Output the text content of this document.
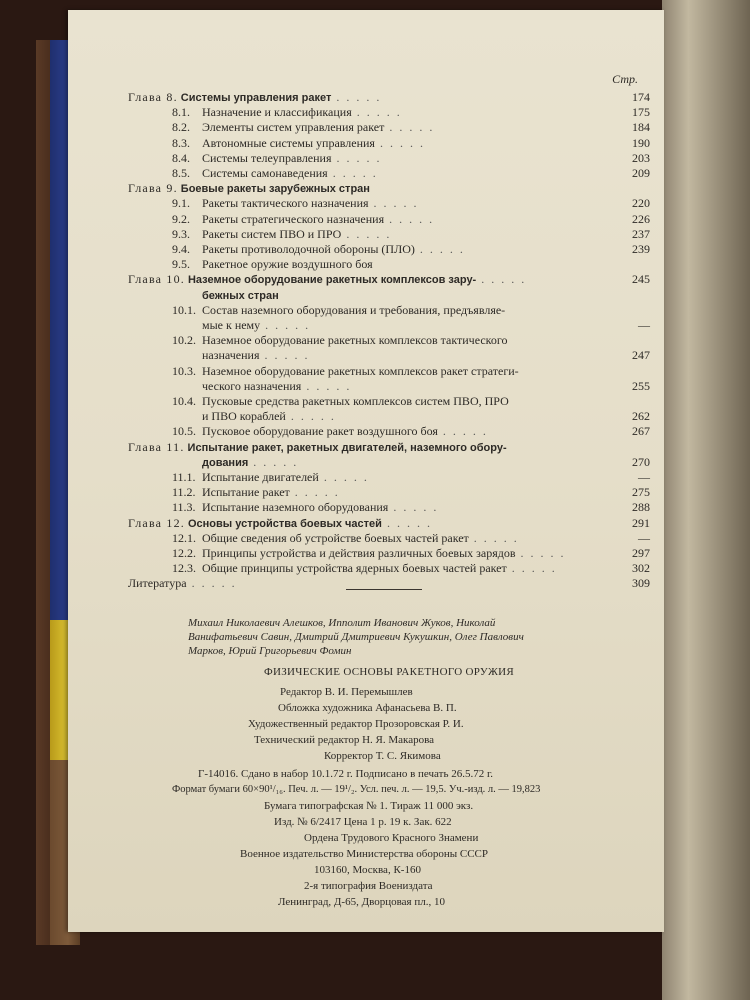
Стр.
Глава 8. Системы управления ракет . . . . .	174
8.1. Назначение и классификация . . . . .	175
8.2. Элементы систем управления ракет . . . . .	184
8.3. Автономные системы управления . . . . .	190
8.4. Системы телеуправления . . . . .	203
8.5. Системы самонаведения . . . . .	209
Глава 9. Боевые ракеты зарубежных стран
9.1. Ракеты тактического назначения . . . . .	220
9.2. Ракеты стратегического назначения . . . . .	226
9.3. Ракеты систем ПВО и ПРО . . . . .	237
9.4. Ракеты противолодочной обороны (ПЛО) . . . . .	239
9.5. Ракетное оружие воздушного боя
Глава 10. Наземное оборудование ракетных комплексов зару- . . . . .	245
бежных стран
10.1. Состав наземного оборудования и требования, предъявляе-
мые к нему . . . . .	—
10.2. Наземное оборудование ракетных комплексов тактического
назначения . . . . .	247
10.3. Наземное оборудование ракетных комплексов ракет стратеги-
ческого назначения . . . . .	255
10.4. Пусковые средства ракетных комплексов систем ПВО, ПРО
и ПВО кораблей . . . . .	262
10.5. Пусковое оборудование ракет воздушного боя . . . . .	267
Глава 11. Испытание ракет, ракетных двигателей, наземного обору-
дования . . . . .	270
11.1. Испытание двигателей . . . . .	—
11.2. Испытание ракет . . . . .	275
11.3. Испытание наземного оборудования . . . . .	288
Глава 12. Основы устройства боевых частей . . . . .	291
12.1. Общие сведения об устройстве боевых частей ракет . . . . .	—
12.2. Принципы устройства и действия различных боевых зарядов . . . . .	297
12.3. Общие принципы устройства ядерных боевых частей ракет . . . . .	302
Литература . . . . .	309
Михаил Николаевич Алешков, Ипполит Иванович Жуков, Николай
Ванифатьевич Савин, Дмитрий Дмитриевич Кукушкин, Олег Павлович
Марков, Юрий Григорьевич Фомин
ФИЗИЧЕСКИЕ ОСНОВЫ РАКЕТНОГО ОРУЖИЯ
Редактор В. И. Перемышлев
Обложка художника Афанасьева В. П.
Художественный редактор Прозоровская Р. И.
Технический редактор Н. Я. Макарова
Корректор Т. С. Якимова
Г-14016. Сдано в набор 10.1.72 г. Подписано в печать 26.5.72 г.
Формат бумаги 60×90¹/₁₆. Печ. л. — 19¹/₂. Усл. печ. л. — 19,5. Уч.-изд. л. — 19,823
Бумага типографская № 1. Тираж 11 000 экз.
Изд. № 6/2417 Цена 1 р. 19 к. Зак. 622
Ордена Трудового Красного Знамени
Военное издательство Министерства обороны СССР
103160, Москва, К-160
2-я типография Воениздата
Ленинград, Д-65, Дворцовая пл., 10
